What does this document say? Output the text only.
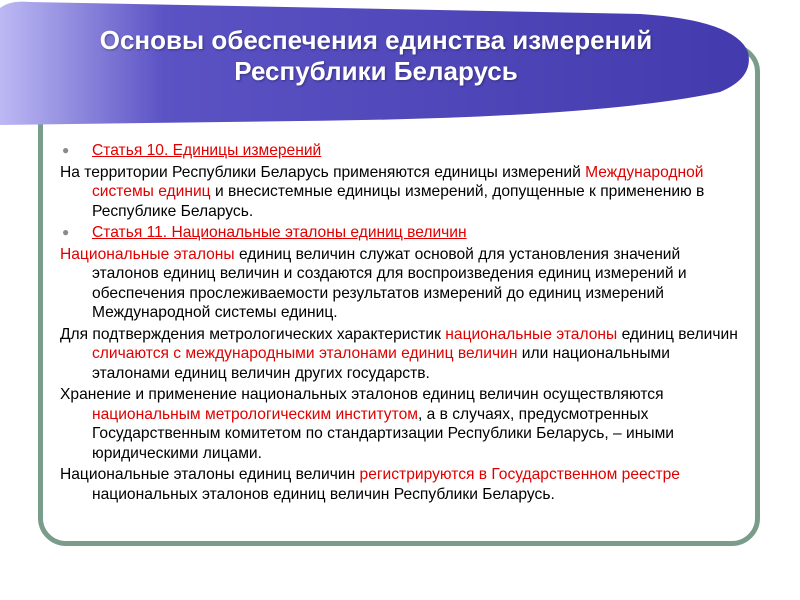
Основы обеспечения единства измерений
Республики Беларусь
● Статья 10. Единицы измерений
На территории Республики Беларусь применяются единицы измерений Международной системы единиц и внесистемные единицы измерений, допущенные к применению в Республике Беларусь.
● Статья 11. Национальные эталоны единиц величин
Национальные эталоны единиц величин служат основой для установления значений эталонов единиц величин и создаются для воспроизведения единиц измерений и обеспечения прослеживаемости результатов измерений до единиц измерений Международной системы единиц.
Для подтверждения метрологических характеристик национальные эталоны единиц величин сличаются с международными эталонами единиц величин или национальными эталонами единиц величин других государств.
Хранение и применение национальных эталонов единиц величин осуществляются национальным метрологическим институтом, а в случаях, предусмотренных Государственным комитетом по стандартизации Республики Беларусь, – иными юридическими лицами.
Национальные эталоны единиц величин регистрируются в Государственном реестре национальных эталонов единиц величин Республики Беларусь.
